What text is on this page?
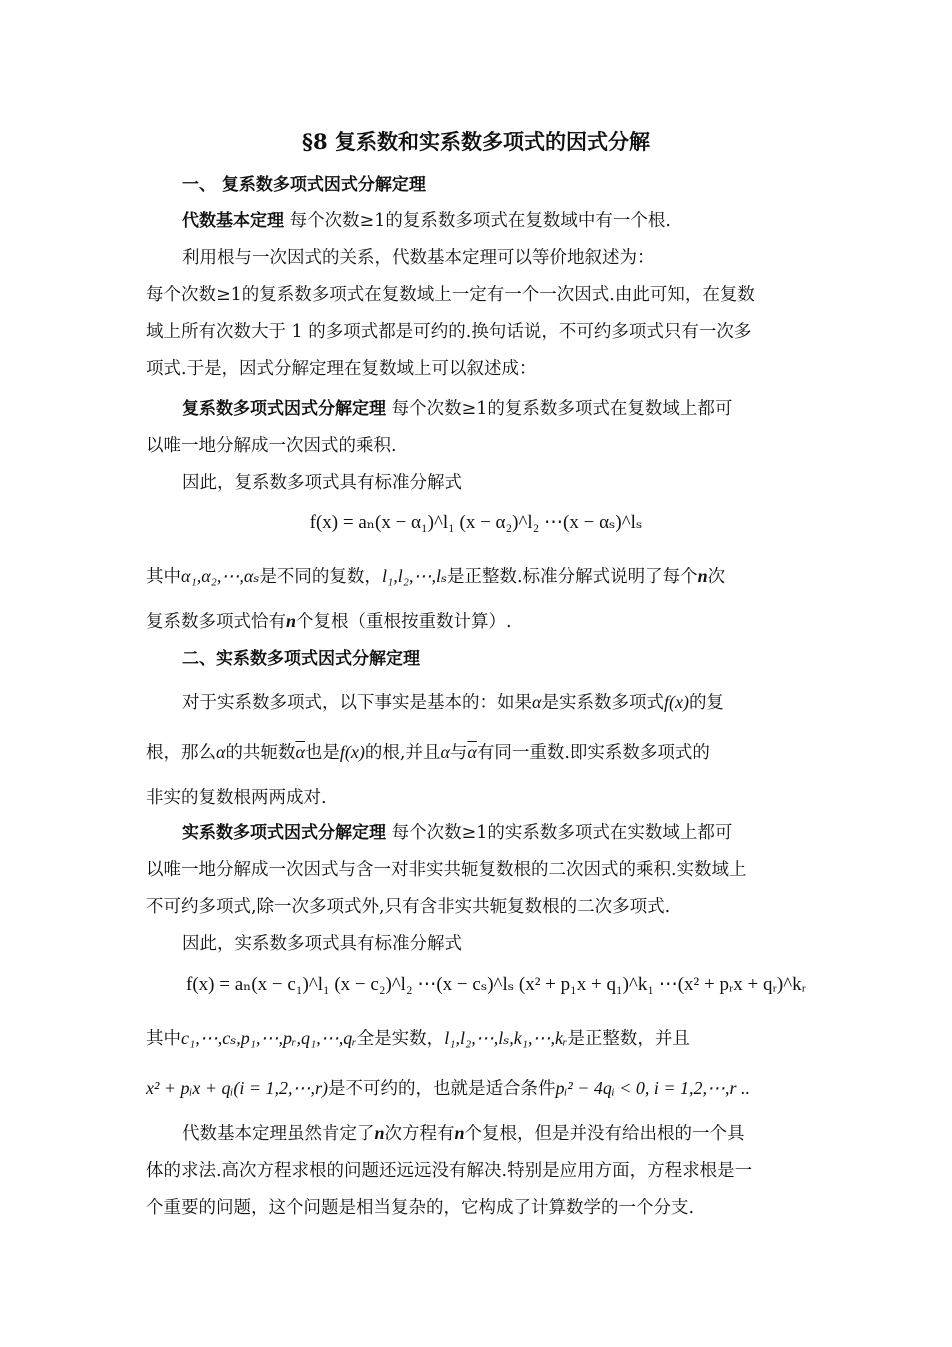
§8 复系数和实系数多项式的因式分解
一、 复系数多项式因式分解定理
代数基本定理 每个次数≥1的复系数多项式在复数域中有一个根.
利用根与一次因式的关系，代数基本定理可以等价地叙述为：
每个次数≥1的复系数多项式在复数域上一定有一个一次因式.由此可知，在复数
域上所有次数大于 1 的多项式都是可约的.换句话说，不可约多项式只有一次多
项式.于是，因式分解定理在复数域上可以叙述成：
复系数多项式因式分解定理 每个次数≥1的复系数多项式在复数域上都可
以唯一地分解成一次因式的乘积.
因此，复系数多项式具有标准分解式
f(x) = aₙ(x − α₁)^l₁ (x − α₂)^l₂ ⋯(x − αₛ)^lₛ
其中α₁,α₂,⋯,αₛ是不同的复数，l₁,l₂,⋯,lₛ是正整数.标准分解式说明了每个n次
复系数多项式恰有n个复根（重根按重数计算）.
二、实系数多项式因式分解定理
对于实系数多项式，以下事实是基本的：如果α是实系数多项式f(x)的复
根，那么α的共轭数$\overline{\alpha}$也是f(x)的根,并且α与$\overline{\alpha}$有同一重数.即实系数多项式的
非实的复数根两两成对.
实系数多项式因式分解定理 每个次数≥1的实系数多项式在实数域上都可
以唯一地分解成一次因式与含一对非实共轭复数根的二次因式的乘积.实数域上
不可约多项式,除一次多项式外,只有含非实共轭复数根的二次多项式.
因此，实系数多项式具有标准分解式
f(x) = aₙ(x − c₁)^l₁ (x − c₂)^l₂ ⋯(x − cₛ)^lₛ (x² + p₁x + q₁)^k₁ ⋯(x² + pᵣx + qᵣ)^kᵣ
其中c₁,⋯,cₛ,p₁,⋯,pᵣ,q₁,⋯,qᵣ全是实数，l₁,l₂,⋯,lₛ,k₁,⋯,kᵣ是正整数，并且
x² + pᵢx + qᵢ(i = 1,2,⋯,r)是不可约的，也就是适合条件pᵢ² − 4qᵢ < 0, i = 1,2,⋯,r ..
代数基本定理虽然肯定了n次方程有n个复根，但是并没有给出根的一个具
体的求法.高次方程求根的问题还远远没有解决.特别是应用方面，方程求根是一
个重要的问题，这个问题是相当复杂的，它构成了计算数学的一个分支.
